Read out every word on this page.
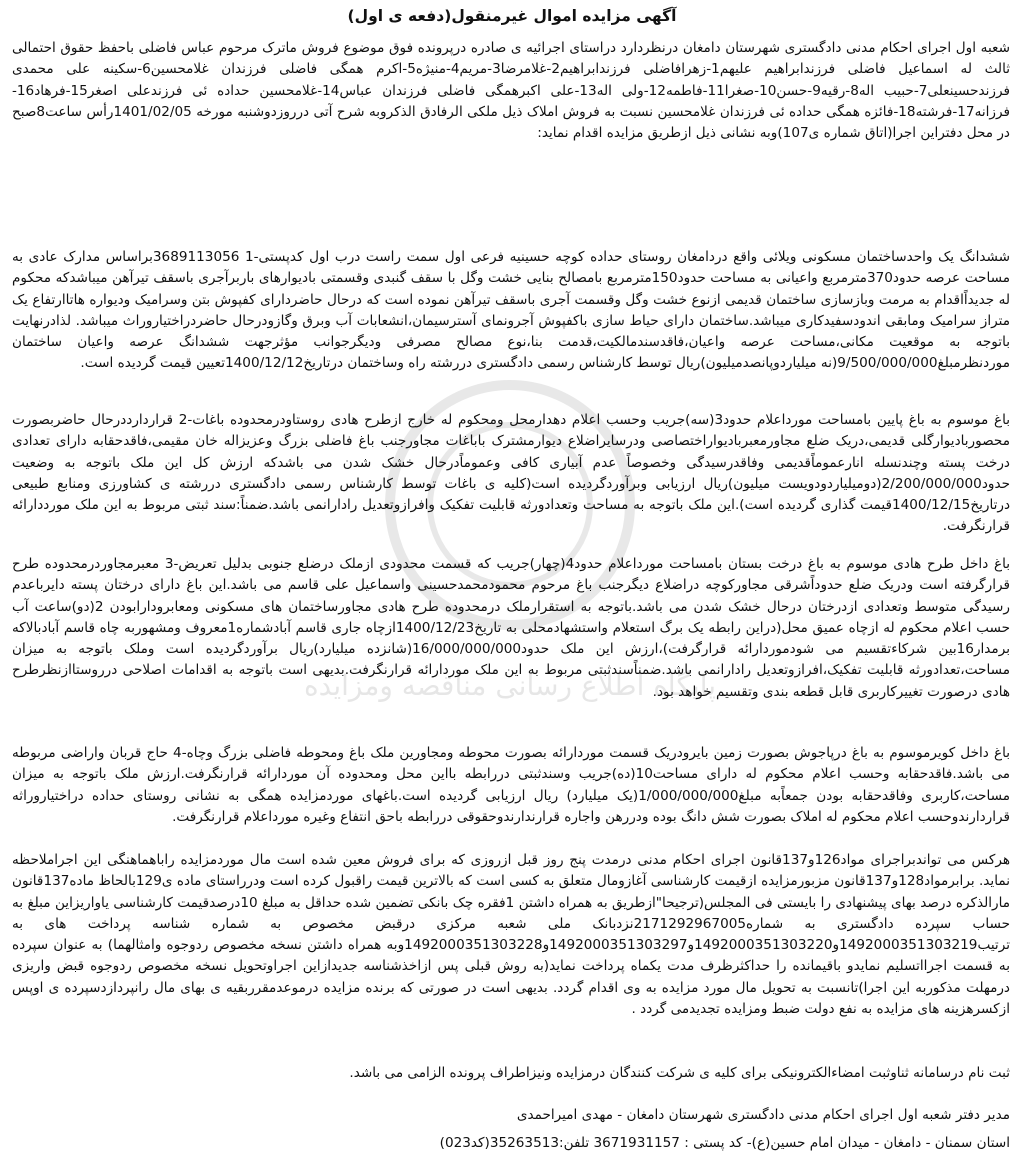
پایگاه اطلاع رسانی مناقصه ومزایده
آگهی مزایده اموال غیرمنقول(دفعه ی اول)

شعبه اول اجرای احکام مدنی دادگستری شهرستان دامغان درنظردارد دراستای اجرائیه ی صادره درپرونده فوق موضوع فروش ماترک مرحوم عباس فاضلی باحفظ حقوق احتمالی ثالث له اسماعیل فاضلی فرزندابراهیم علیهم1-زهرافاضلی فرزندابراهیم2-غلامرضا3-مریم4-منیژه5-اکرم همگی فاضلی فرزندان غلامحسین6-سکینه علی محمدی فرزندحسینعلی7-حبیب اله8-رقیه9-حسن10-صغرا11-فاطمه12-ولی اله13-علی اکبرهمگی فاضلی فرزندان عباس14-غلامحسین حداده ئی فرزندعلی اصغر15-فرهاد16-فرزانه17-فرشته18-فائزه همگی حداده ئی فرزندان غلامحسین نسبت به فروش املاک ذیل ملکی الرفادق الذکروبه شرح آتی درروزدوشنبه مورخه 1401/02/05رأس ساعت8صبح در محل دفتراین اجرا(اتاق شماره ی107)وبه نشانی ذیل ازطریق مزایده اقدام نماید:

ششدانگ یک واحدساختمان مسکونی ویلائی واقع دردامغان روستای حداده کوچه حسینیه فرعی اول سمت راست درب اول کدپستی-1 3689113056براساس مدارک عادی به مساحت عرصه حدود370مترمربع واعیانی به مساحت حدود150مترمربع بامصالح بنایی خشت وگل با سقف گنبدی وقسمتی بادیوارهای باربرآجری باسقف تیرآهن میباشدکه محکوم له جدیداًاقدام به مرمت وبازسازی ساختمان قدیمی ازنوع خشت وگل وقسمت آجری باسقف تیرآهن نموده است که درحال حاضردارای کفپوش بتن وسرامیک ودیواره هاتاارتفاع یک متراز سرامیک ومابقی اندودسفیدکاری میباشد.ساختمان دارای حیاط سازی باکفپوش آجرونمای آسترسیمان،انشعابات آب وبرق وگازودرحال حاضردراختیاروراث میباشد. لذادرنهایت باتوجه به موقعیت مکانی،مساحت عرصه واعیان،فاقدسندمالکیت،قدمت بنا،نوع مصالح مصرفی ودیگرجوانب مؤثرجهت ششدانگ عرصه واعیان ساختمان موردنظرمبلغ9/500/000/000(نه میلیاردوپانصدمیلیون)ریال توسط کارشناس رسمی دادگستری دررشته راه وساختمان درتاریخ1400/12/12تعیین قیمت گردیده است.

باغ موسوم به باغ پایین بامساحت مورداعلام حدود3(سه)جریب وحسب اعلام دهدارمحل ومحکوم له خارج ازطرح هادی روستاودرمحدوده باغات-2 قراردارددرحال حاضربصورت محصوربادیوارگلی قدیمی،دریک ضلع مجاورمعبربادیواراختصاصی ودرسایراضلاع دیوارمشترک باباغات مجاورجنب باغ فاضلی بزرگ وعزیزاله خان مقیمی،فاقدحقابه دارای تعدادی درخت پسته وچندنسله انارعموماًقدیمی وفاقدرسیدگی وخصوصاً عدم آبیاری کافی وعموماًدرحال خشک شدن می باشدکه ارزش کل این ملک باتوجه به وضعیت حدود2/200/000/000(دومیلیاردودویست میلیون)ریال ارزیابی وبرآوردگردیده است(کلیه ی باغات توسط کارشناس رسمی دادگستری دررشته ی کشاورزی ومنابع طبیعی درتاریخ1400/12/15قیمت گذاری گردیده است).این ملک باتوجه به مساحت وتعدادورثه قابلیت تفکیک وافرازوتعدیل رادارانمی باشد.ضمناً:سند ثبتی مربوط به این ملک مورددارائه قرارنگرفت.

باغ داخل طرح هادی موسوم به باغ درخت بستان بامساحت مورداعلام حدود4(چهار)جریب که قسمت محدودی ازملک درضلع جنوبی بدلیل تعریض-3 معبرمجاوردرمحدوده طرح قرارگرفته است ودریک ضلع حدوداًشرقی مجاورکوچه دراضلاع دیگرجنب باغ مرحوم محمودمحمدحسینی واسماعیل علی قاسم می باشد.این باغ دارای درختان پسته دایرباعدم رسیدگی متوسط وتعدادی ازدرختان درحال خشک شدن می باشد.باتوجه به استقرارملک درمحدوده طرح هادی مجاورساختمان های مسکونی ومعابرودارابودن 2(دو)ساعت آب حسب اعلام محکوم له ازچاه عمیق محل(دراین رابطه یک برگ استعلام واستشهادمحلی به تاریخ1400/12/23ازچاه جاری قاسم آبادشماره1معروف ومشهوربه چاه قاسم آبادبالاکه برمدار16بین شرکاءتقسیم می شودموردارائه قرارگرفت)،ارزش این ملک حدود16/000/000/000(شانزده میلیارد)ریال برآوردگردیده است وملک باتوجه به میزان مساحت،تعدادورثه قابلیت تفکیک،افرازوتعدیل رادارانمی باشد.ضمناًسندثبتی مربوط به این ملک موردارائه قرارنگرفت.بدیهی است باتوجه به اقدامات اصلاحی درروستاازنظرطرح هادی درصورت تغییرکاربری قابل قطعه بندی وتقسیم خواهد بود.

باغ داخل کویرموسوم به باغ درپاجوش بصورت زمین بایرودریک قسمت موردارائه بصورت محوطه ومجاورین ملک باغ ومحوطه فاضلی بزرگ وچاه-4 حاج قربان واراضی مربوطه می باشد.فاقدحقابه وحسب اعلام محکوم له دارای مساحت10(ده)جریب وسندثبتی دررابطه بااین محل ومحدوده آن موردارائه قرارنگرفت.ارزش ملک باتوجه به میزان مساحت،کاربری وفاقدحقابه بودن جمعاًبه مبلغ1/000/000/000(یک میلیارد) ریال ارزیابی گردیده است.باغهای موردمزایده همگی به نشانی روستای حداده دراختیاروراثه قراردارندوحسب اعلام محکوم له املاک بصورت شش دانگ بوده ودررهن واجاره قرارندارندوحقوقی دررابطه باحق انتفاع وغیره مورداعلام قرارنگرفت.

هرکس می تواندبراجرای مواد126و137قانون اجرای احکام مدنی درمدت پنج روز قبل ازروزی که برای فروش معین شده است مال موردمزایده راباهماهنگی این اجراملاحظه نماید. برابرمواد128و137قانون مزبورمزایده ازقیمت کارشناسی آغازومال متعلق به کسی است که بالاترین قیمت راقبول کرده است ودرراستای ماده ی129بالحاظ ماده137قانون مارالذکره درصد بهای پیشنهادی را بایستی فی المجلس(ترجیحا"ازطریق به همراه داشتن 1فقره چک بانکی تضمین شده حداقل به مبلغ 10درصدقیمت کارشناسی یاواریزاین مبلغ به حساب سپرده دادگستری به شماره2171292967005نزدبانک ملی شعبه مرکزی درقبض مخصوص به شماره شناسه پرداخت های به ترتیب1492000351303219و1492000351303220و1492000351303297و1492000351303228وبه همراه داشتن نسخه مخصوص ردوجوه وامثالهما) به عنوان سپرده به قسمت اجرااتسلیم نمایدو باقیمانده را حداکثرظرف مدت یکماه پرداخت نماید(به روش قبلی پس ازاخذشناسه جدیدازاین اجراوتحویل نسخه مخصوص ردوجوه قبض واریزی درمهلت مذکوربه این اجرا)تانسبت به تحویل مال مورد مزایده به وی اقدام گردد. بدیهی است در صورتی که برنده مزایده درموعدمقرربقیه ی بهای مال رانپردازدسپرده ی اوپس ازکسرهزینه های مزایده به نفع دولت ضبط ومزایده تجدیدمی گردد .

ثبت نام درسامانه ثناوثبت امضاءالکترونیکی برای کلیه ی شرکت کنندگان درمزایده ونیزاطراف پرونده الزامی می باشد.

مدیر دفتر شعبه اول اجرای احکام مدنی دادگستری شهرستان دامغان - مهدی امیراحمدی
استان سمنان - دامغان - میدان امام حسین(ع)- کد پستی : 3671931157 تلفن:35263513(کد023)
